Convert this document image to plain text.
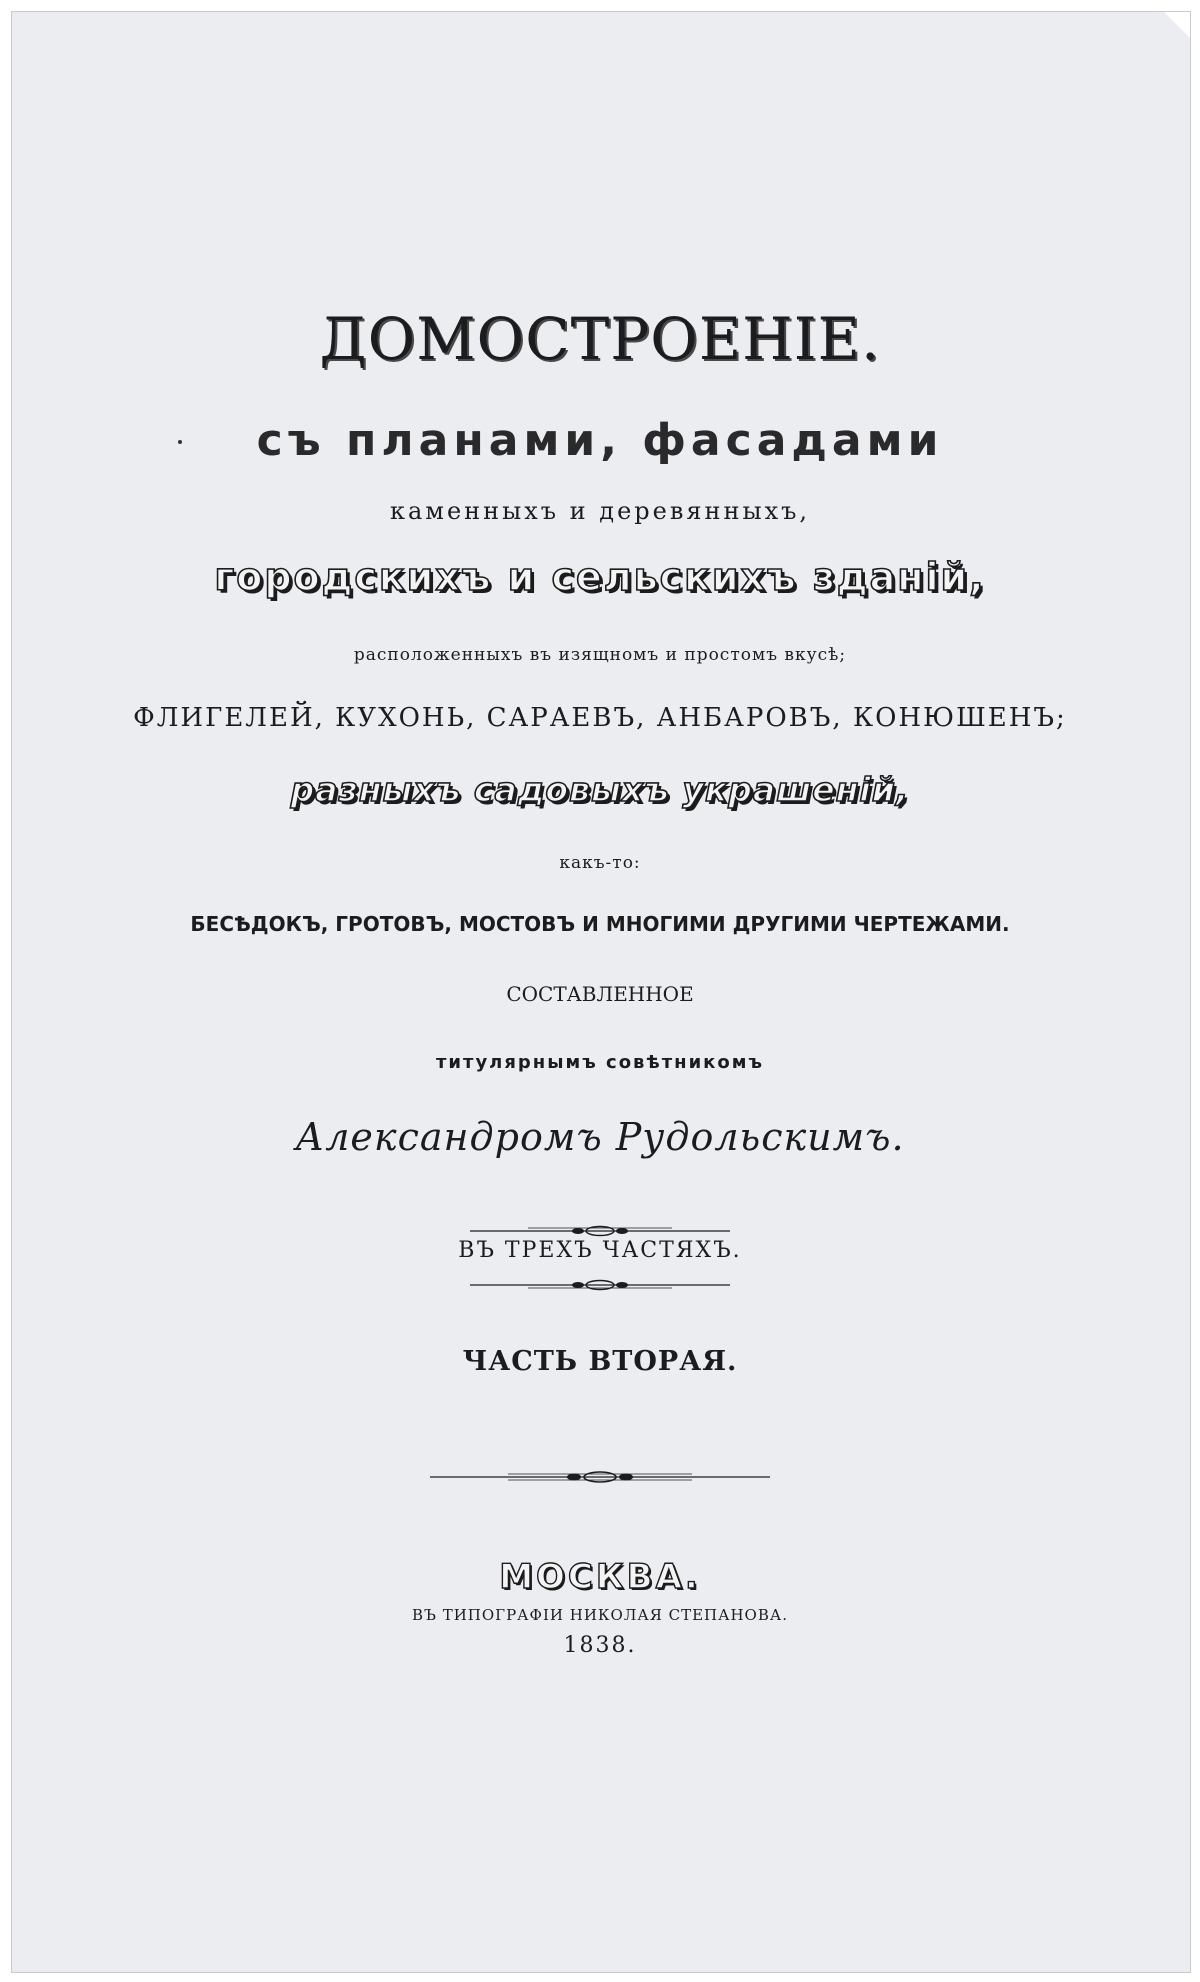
ДОМОСТРОЕНІЕ.
съ планами, фасадами
каменныхъ и деревянныхъ,
городскихъ и сельскихъ зданій,
расположенныхъ въ изящномъ и простомъ вкусѣ;
ФЛИГЕЛЕЙ, КУХОНЬ, САРАЕВЪ, АНБАРОВЪ, КОНЮШЕНЪ;
разныхъ садовыхъ украшеній,
какъ-то:
БЕСѢДОКЪ, ГРОТОВЪ, МОСТОВЪ И МНОГИМИ ДРУГИМИ ЧЕРТЕЖАМИ.
СОСТАВЛЕННОЕ
титулярнымъ совѣтникомъ
Александромъ Рудольскимъ.
ВЪ ТРЕХЪ ЧАСТЯХЪ.
ЧАСТЬ ВТОРАЯ.
МОСКВА.
ВЪ ТИПОГРАФІИ НИКОЛАЯ СТЕПАНОВА.
1838.
